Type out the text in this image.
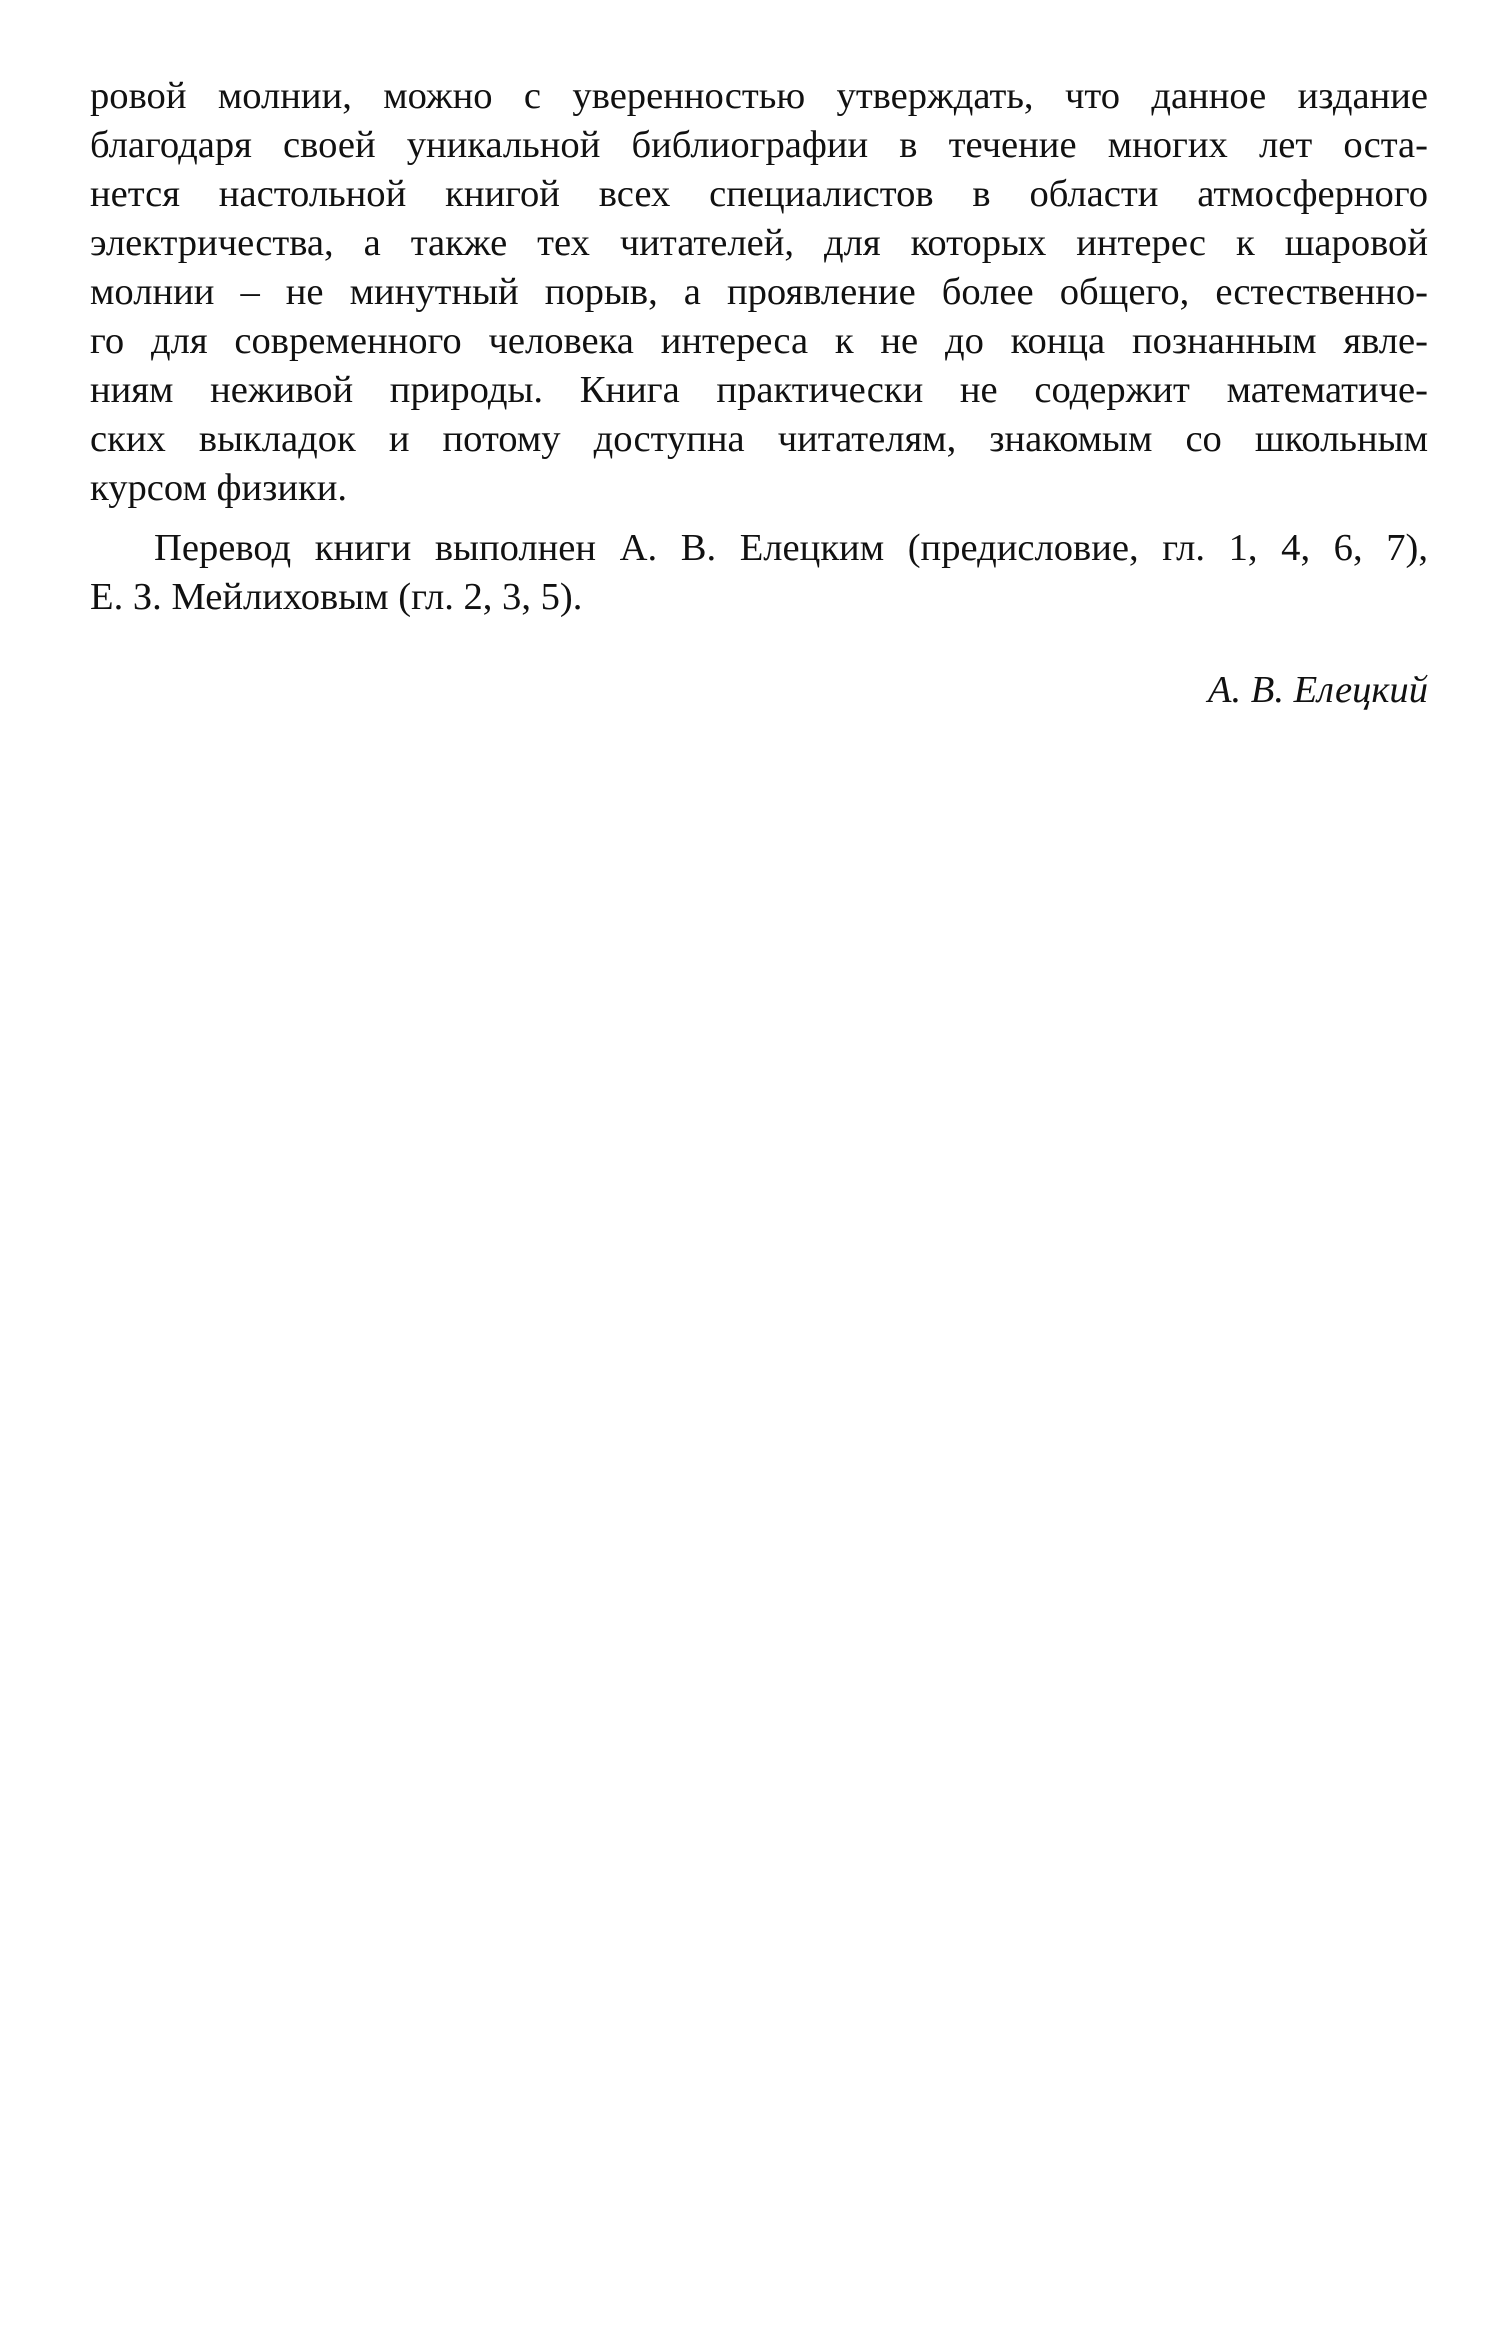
ровой молнии, можно с уверенностью утверждать, что данное издание
благодаря своей уникальной библиографии в течение многих лет оста-
нется настольной книгой всех специалистов в области атмосферного
электричества, а также тех читателей, для которых интерес к шаровой
молнии – не минутный порыв, а проявление более общего, естественно-
го для современного человека интереса к не до конца познанным явле-
ниям неживой природы. Книга практически не содержит математиче-
ских выкладок и потому доступна читателям, знакомым со школьным
курсом физики.
Перевод книги выполнен А. В. Елецким (предисловие, гл. 1, 4, 6, 7),
Е. З. Мейлиховым (гл. 2, 3, 5).
А. В. Елецкий
